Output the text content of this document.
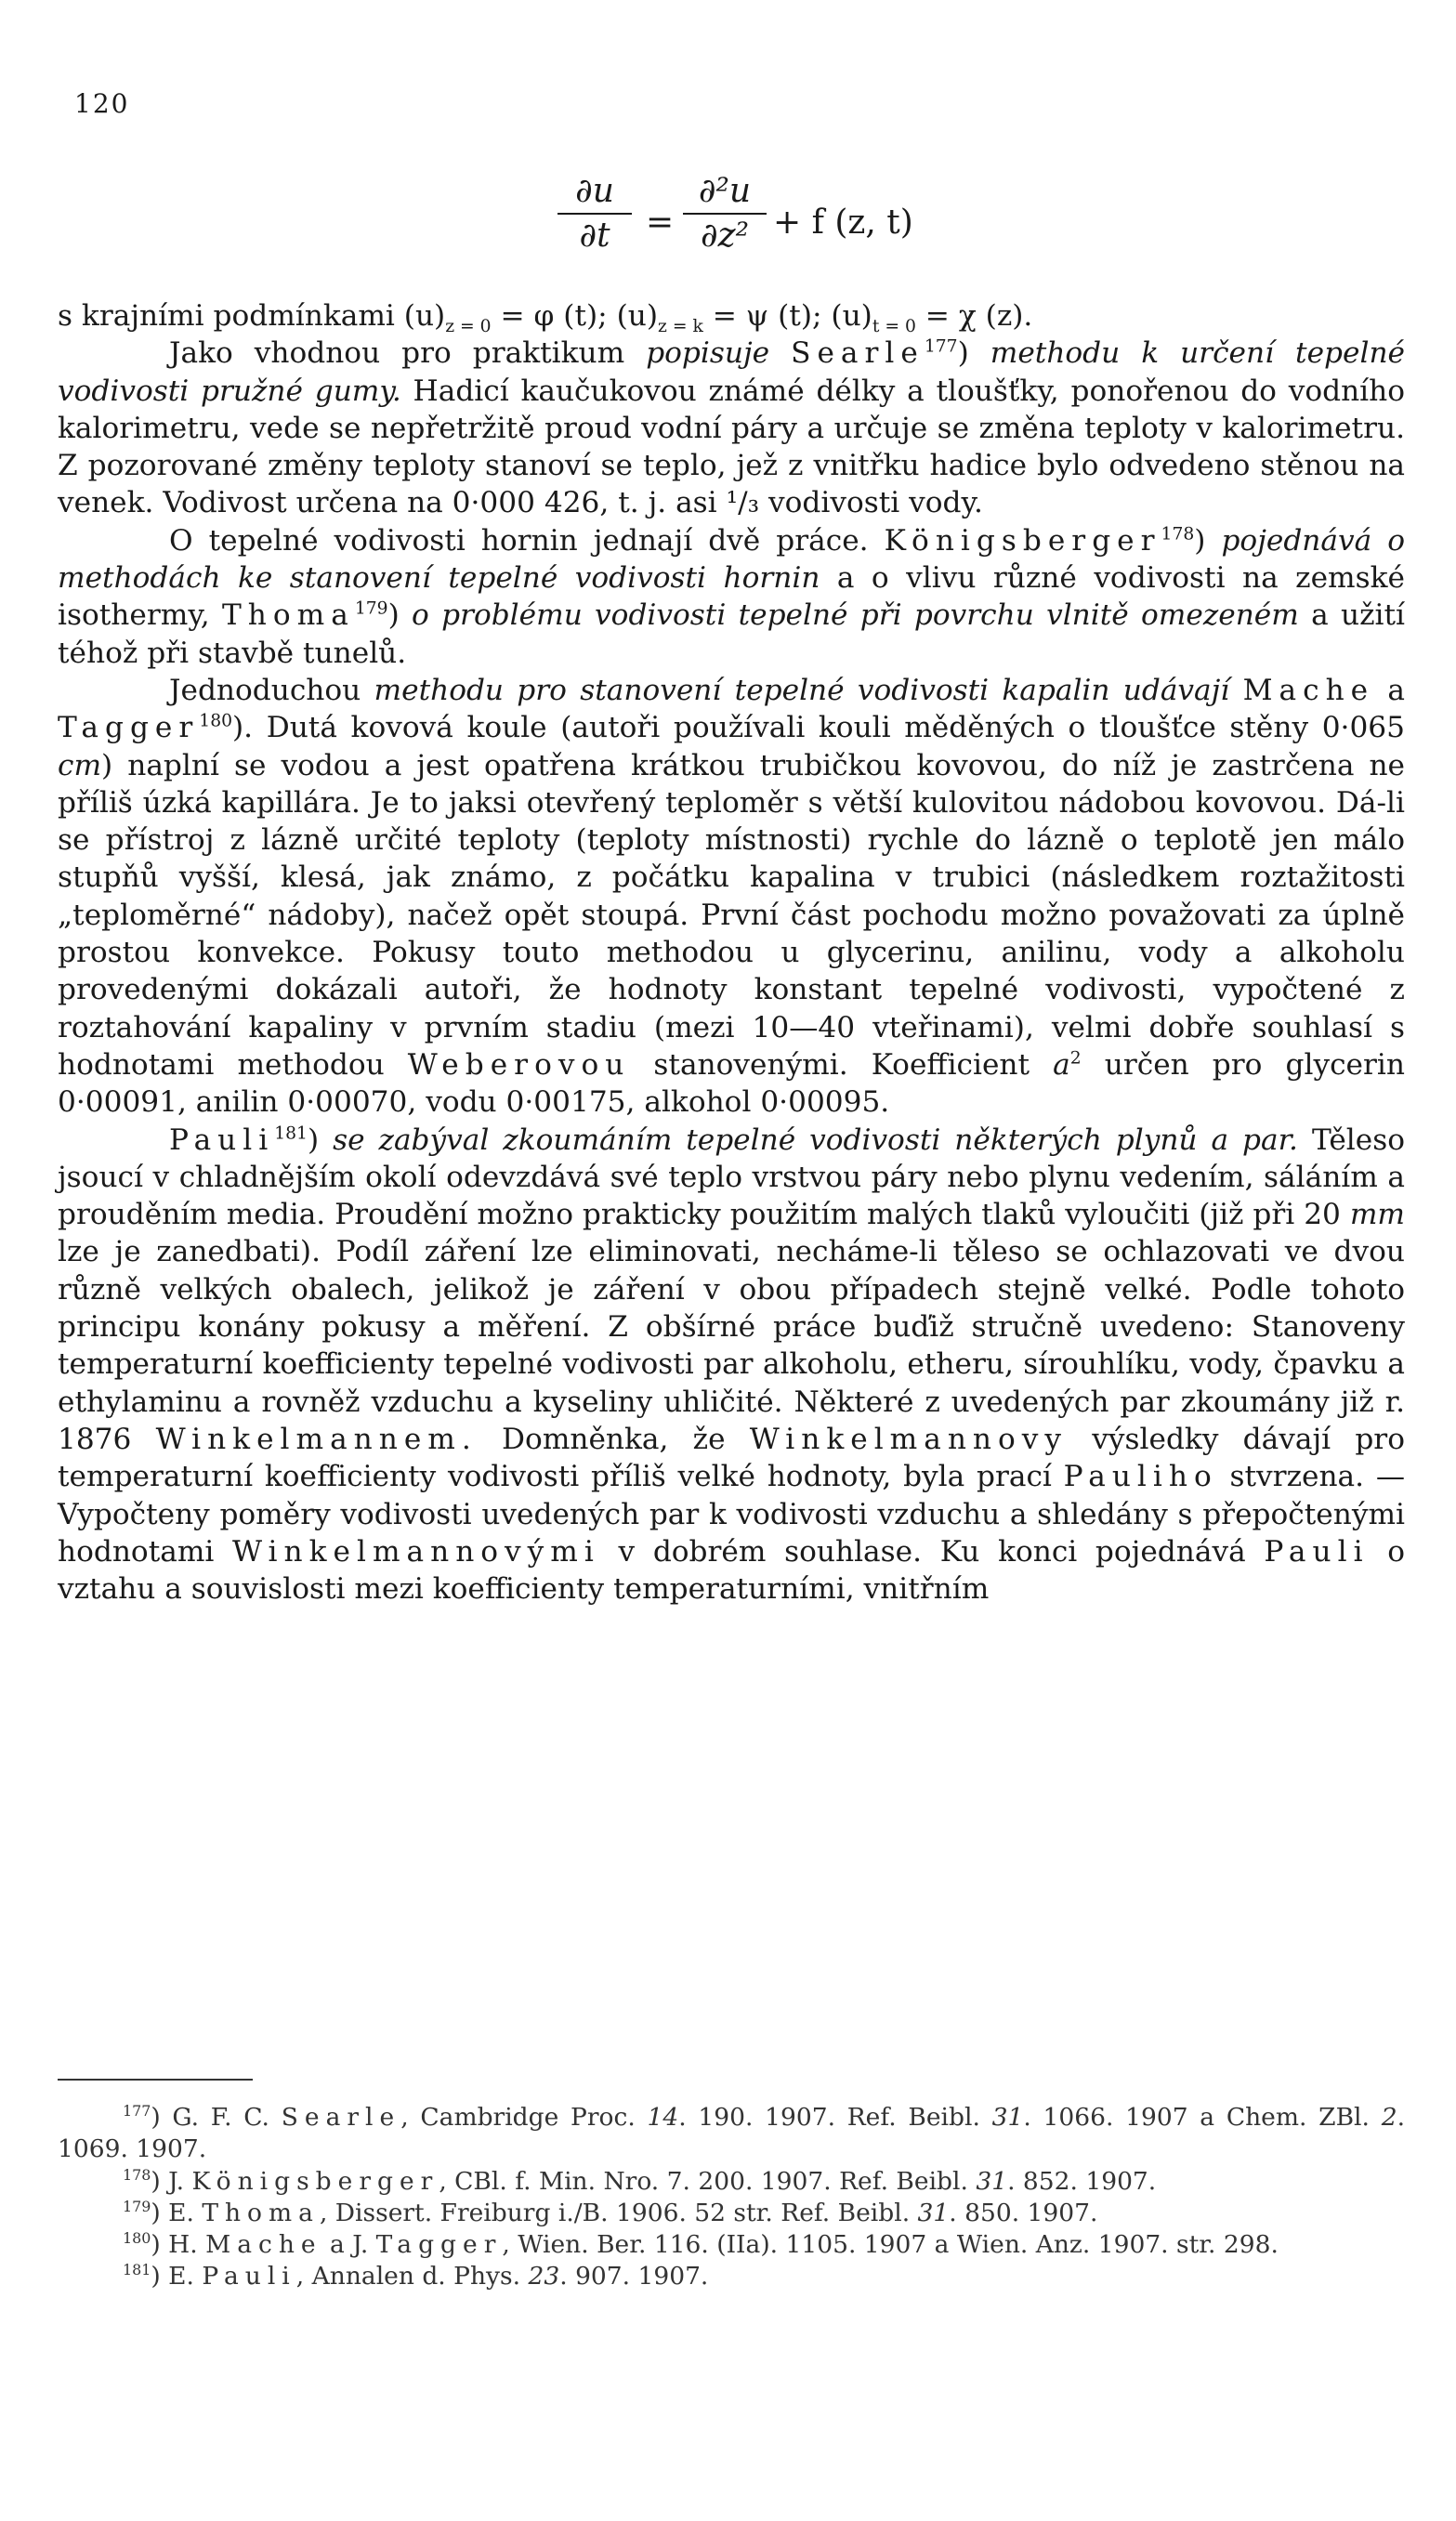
120
∂u
∂t	=
∂²u
∂z² + f (z, t)

s krajními podmínkami $(u)_{z = 0} = \varphi$ (t); $(u)_{z = k} = \psi$ (t); $(u)_{t = 0} = \chi$ (z).

Jako vhodnou pro praktikum popisuje Searle$^{177}$) methodu k určení tepelné vodivosti pružné gumy. Hadicí kaučukovou známé délky a tloušťky, ponořenou do vodního kalorimetru, vede se nepřetržitě proud vodní páry a určuje se změna teploty v kalorimetru. Z pozorované změny teploty stanoví se teplo, jež z vnitřku hadice bylo odvedeno stěnou na venek. Vodivost určena na 0·000 426, t. j. asi ¹/₃ vodivosti vody.

O tepelné vodivosti hornin jednají dvě práce. Königsberger$^{178}$) pojednává o methodách ke stanovení tepelné vodivosti hornin a o vlivu různé vodivosti na zemské isothermy, Thoma$^{179}$) o problému vodivosti tepelné při povrchu vlnitě omezeném a užití téhož při stavbě tunelů.

Jednoduchou methodu pro stanovení tepelné vodivosti kapalin udávají Mache a Tagger$^{180}$). Dutá kovová koule (autoři používali kouli měděných o tloušťce stěny 0·065 cm) naplní se vodou a jest opatřena krátkou trubičkou kovovou, do níž je zastrčena ne příliš úzká kapillára. Je to jaksi otevřený teploměr s větší kulovitou nádobou kovovou. Dá-li se přístroj z lázně určité teploty (teploty místnosti) rychle do lázně o teplotě jen málo stupňů vyšší, klesá, jak známo, z počátku kapalina v trubici (následkem roztažitosti „teploměrné“ nádoby), načež opět stoupá. První část pochodu možno považovati za úplně prostou konvekce. Pokusy touto methodou u glycerinu, anilinu, vody a alkoholu provedenými dokázali autoři, že hodnoty konstant tepelné vodivosti, vypočtené z roztahování kapaliny v prvním stadiu (mezi 10—40 vteřinami), velmi dobře souhlasí s hodnotami methodou Weberovou stanovenými. Koefficient $a^2$ určen pro glycerin 0·00091, anilin 0·00070, vodu 0·00175, alkohol 0·00095.

Pauli$^{181}$) se zabýval zkoumáním tepelné vodivosti některých plynů a par. Těleso jsoucí v chladnějším okolí odevzdává své teplo vrstvou páry nebo plynu vedením, sáláním a prouděním media. Proudění možno prakticky použitím malých tlaků vyloučiti (již při 20 mm lze je zanedbati). Podíl záření lze eliminovati, necháme-li těleso se ochlazovati ve dvou různě velkých obalech, jelikož je záření v obou případech stejně velké. Podle tohoto principu konány pokusy a měření. Z obšírné práce buďiž stručně uvedeno: Stanoveny temperaturní koefficienty tepelné vodivosti par alkoholu, etheru, sírouhlíku, vody, čpavku a ethylaminu a rovněž vzduchu a kyseliny uhličité. Některé z uvedených par zkoumány již r. 1876 Winkelmannem. Domněnka, že Winkelmannovy výsledky dávají pro temperaturní koefficienty vodivosti příliš velké hodnoty, byla prací Pauliho stvrzena. — Vypočteny poměry vodivosti uvedených par k vodivosti vzduchu a shledány s přepočtenými hodnotami Winkelmannovými v dobrém souhlase. Ku konci pojednává Pauli o vztahu a souvislosti mezi koefficienty temperaturními, vnitřním

$^{177}$) G. F. C. Searle, Cambridge Proc. 14. 190. 1907. Ref. Beibl. 31. 1066. 1907 a Chem. ZBl. 2. 1069. 1907.

$^{178}$) J. Königsberger, CBl. f. Min. Nro. 7. 200. 1907. Ref. Beibl. 31. 852. 1907.

$^{179}$) E. Thoma, Dissert. Freiburg i./B. 1906. 52 str. Ref. Beibl. 31. 850. 1907.

$^{180}$) H. Mache a J. Tagger, Wien. Ber. 116. (IIa). 1105. 1907 a Wien. Anz. 1907. str. 298.

$^{181}$) E. Pauli, Annalen d. Phys. 23. 907. 1907.
